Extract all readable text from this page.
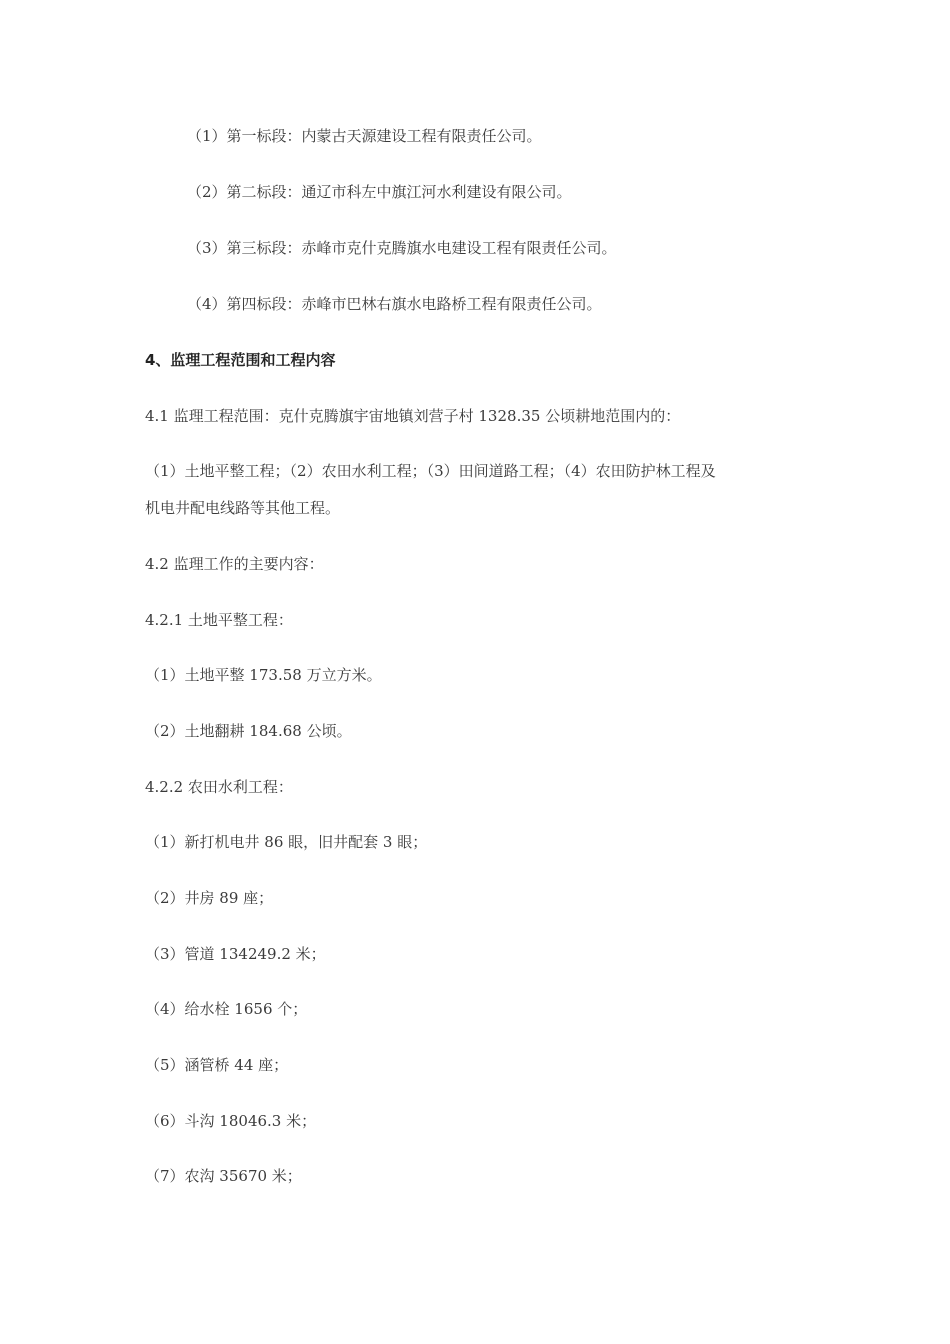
（1）第一标段：内蒙古天源建设工程有限责任公司。
（2）第二标段：通辽市科左中旗江河水利建设有限公司。
（3）第三标段：赤峰市克什克腾旗水电建设工程有限责任公司。
（4）第四标段：赤峰市巴林右旗水电路桥工程有限责任公司。
4、监理工程范围和工程内容
4.1 监理工程范围：克什克腾旗宇宙地镇刘营子村 1328.35 公顷耕地范围内的：
（1）土地平整工程；（2）农田水利工程；（3）田间道路工程；（4）农田防护林工程及
机电井配电线路等其他工程。
4.2 监理工作的主要内容：
4.2.1 土地平整工程：
（1）土地平整 173.58 万立方米。
（2）土地翻耕 184.68 公顷。
4.2.2 农田水利工程：
（1）新打机电井 86 眼，旧井配套 3 眼；
（2）井房 89 座；
（3）管道 134249.2 米；
（4）给水栓 1656 个；
（5）涵管桥 44 座；
（6）斗沟 18046.3 米；
（7）农沟 35670 米；
